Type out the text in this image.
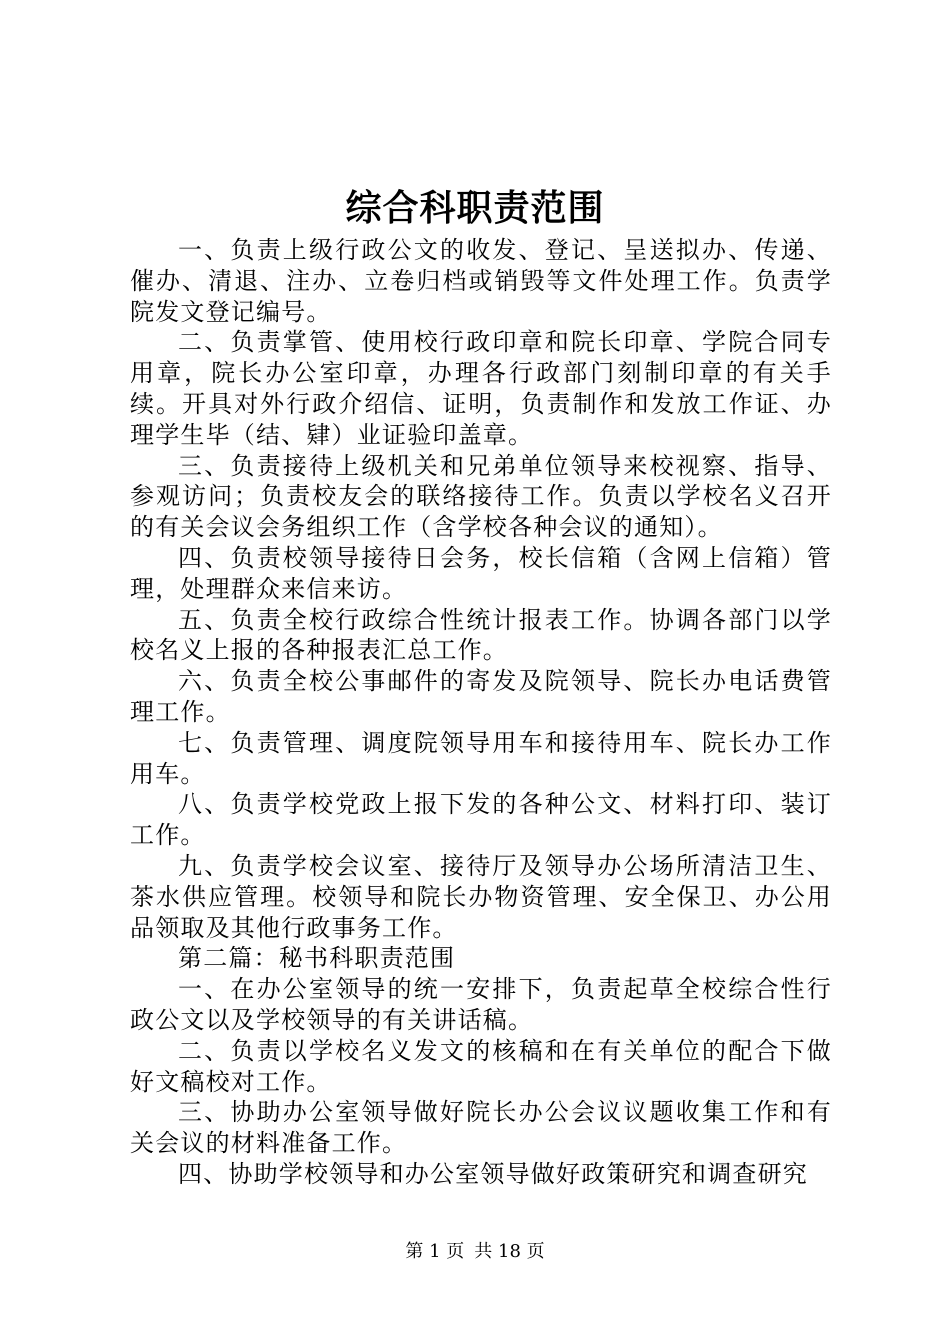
综合科职责范围

一、负责上级行政公文的收发、登记、呈送拟办、传递、催办、清退、注办、立卷归档或销毁等文件处理工作。负责学院发文登记编号。

二、负责掌管、使用校行政印章和院长印章、学院合同专用章，院长办公室印章，办理各行政部门刻制印章的有关手续。开具对外行政介绍信、证明，负责制作和发放工作证、办理学生毕（结、肄）业证验印盖章。

三、负责接待上级机关和兄弟单位领导来校视察、指导、参观访问；负责校友会的联络接待工作。负责以学校名义召开的有关会议会务组织工作（含学校各种会议的通知）。

四、负责校领导接待日会务，校长信箱（含网上信箱）管理，处理群众来信来访。

五、负责全校行政综合性统计报表工作。协调各部门以学校名义上报的各种报表汇总工作。

六、负责全校公事邮件的寄发及院领导、院长办电话费管理工作。

七、负责管理、调度院领导用车和接待用车、院长办工作用车。

八、负责学校党政上报下发的各种公文、材料打印、装订工作。

九、负责学校会议室、接待厅及领导办公场所清洁卫生、茶水供应管理。校领导和院长办物资管理、安全保卫、办公用品领取及其他行政事务工作。

第二篇：秘书科职责范围

一、在办公室领导的统一安排下，负责起草全校综合性行政公文以及学校领导的有关讲话稿。

二、负责以学校名义发文的核稿和在有关单位的配合下做好文稿校对工作。

三、协助办公室领导做好院长办公会议议题收集工作和有关会议的材料准备工作。

四、协助学校领导和办公室领导做好政策研究和调查研究

第 1 页 共 18 页
